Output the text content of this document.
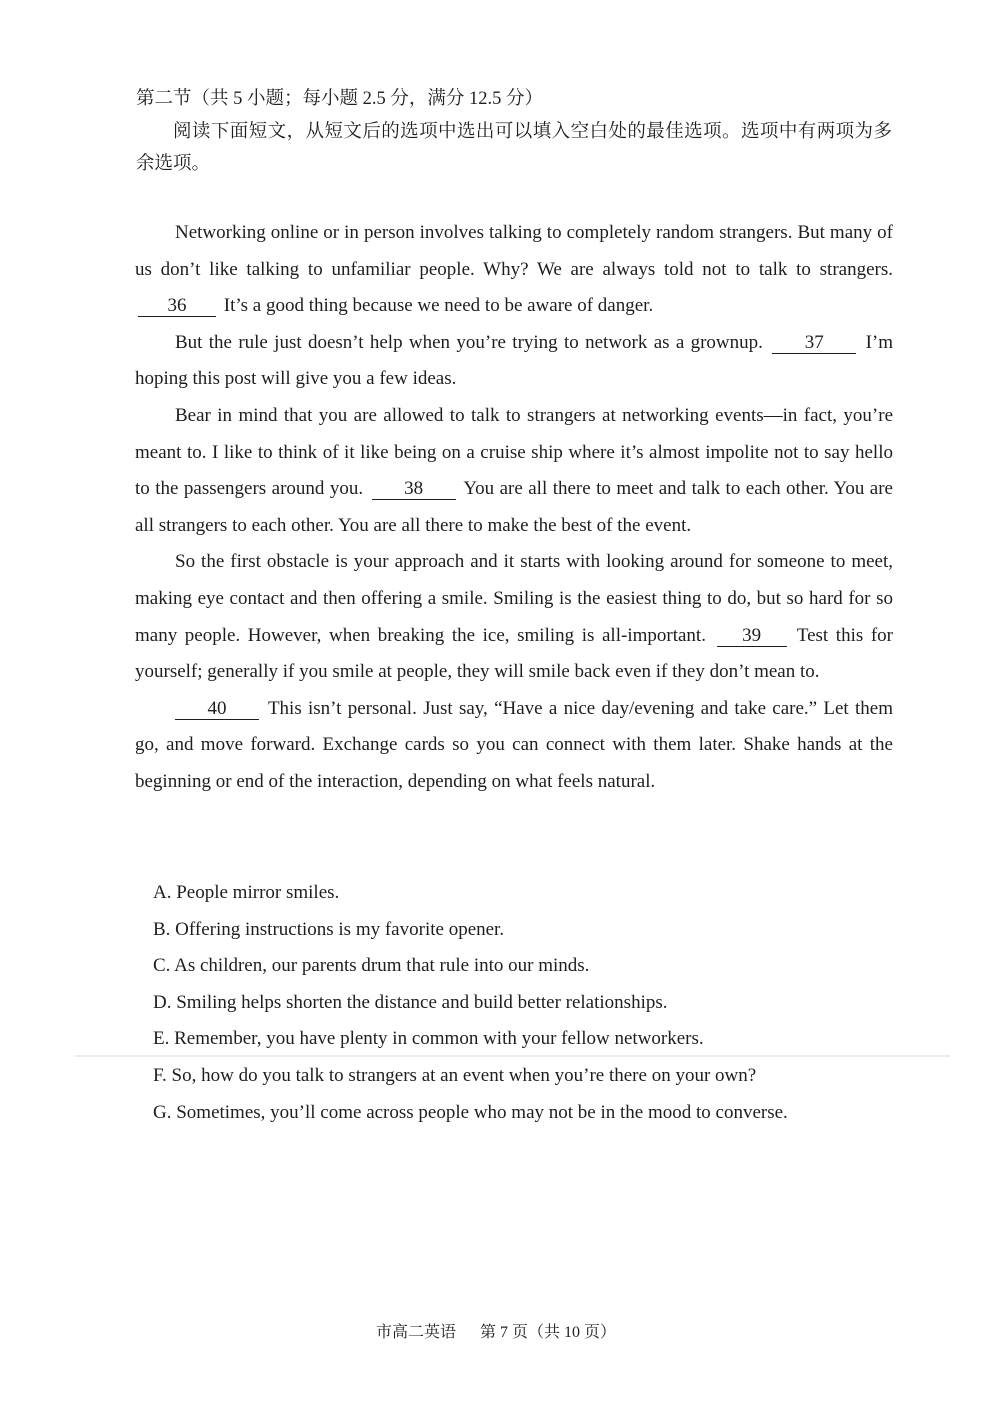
第二节（共 5 小题；每小题 2.5 分，满分 12.5 分）
阅读下面短文，从短文后的选项中选出可以填入空白处的最佳选项。选项中有两项为多余选项。

Networking online or in person involves talking to completely random strangers. But many of us don’t like talking to unfamiliar people. Why? We are always told not to talk to strangers. 36 It’s a good thing because we need to be aware of danger.

But the rule just doesn’t help when you’re trying to network as a grownup. 37 I’m hoping this post will give you a few ideas.

Bear in mind that you are allowed to talk to strangers at networking events—in fact, you’re meant to. I like to think of it like being on a cruise ship where it’s almost impolite not to say hello to the passengers around you. 38 You are all there to meet and talk to each other. You are all strangers to each other. You are all there to make the best of the event.

So the first obstacle is your approach and it starts with looking around for someone to meet, making eye contact and then offering a smile. Smiling is the easiest thing to do, but so hard for so many people. However, when breaking the ice, smiling is all-important. 39 Test this for yourself; generally if you smile at people, they will smile back even if they don’t mean to.

40 This isn’t personal. Just say, “Have a nice day/evening and take care.” Let them go, and move forward. Exchange cards so you can connect with them later. Shake hands at the beginning or end of the interaction, depending on what feels natural.

A. People mirror smiles.
B. Offering instructions is my favorite opener.
C. As children, our parents drum that rule into our minds.
D. Smiling helps shorten the distance and build better relationships.
E. Remember, you have plenty in common with your fellow networkers.
F. So, how do you talk to strangers at an event when you’re there on your own?
G. Sometimes, you’ll come across people who may not be in the mood to converse.
市高二英语 第 7 页（共 10 页）
